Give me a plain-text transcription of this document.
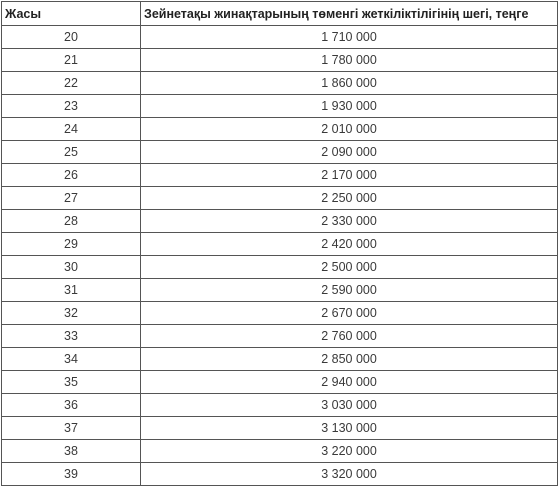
Жасы	Зейнетақы жинақтарының төменгі жеткіліктілігінің шегі, теңге
20	1 710 000
21	1 780 000
22	1 860 000
23	1 930 000
24	2 010 000
25	2 090 000
26	2 170 000
27	2 250 000
28	2 330 000
29	2 420 000
30	2 500 000
31	2 590 000
32	2 670 000
33	2 760 000
34	2 850 000
35	2 940 000
36	3 030 000
37	3 130 000
38	3 220 000
39	3 320 000
